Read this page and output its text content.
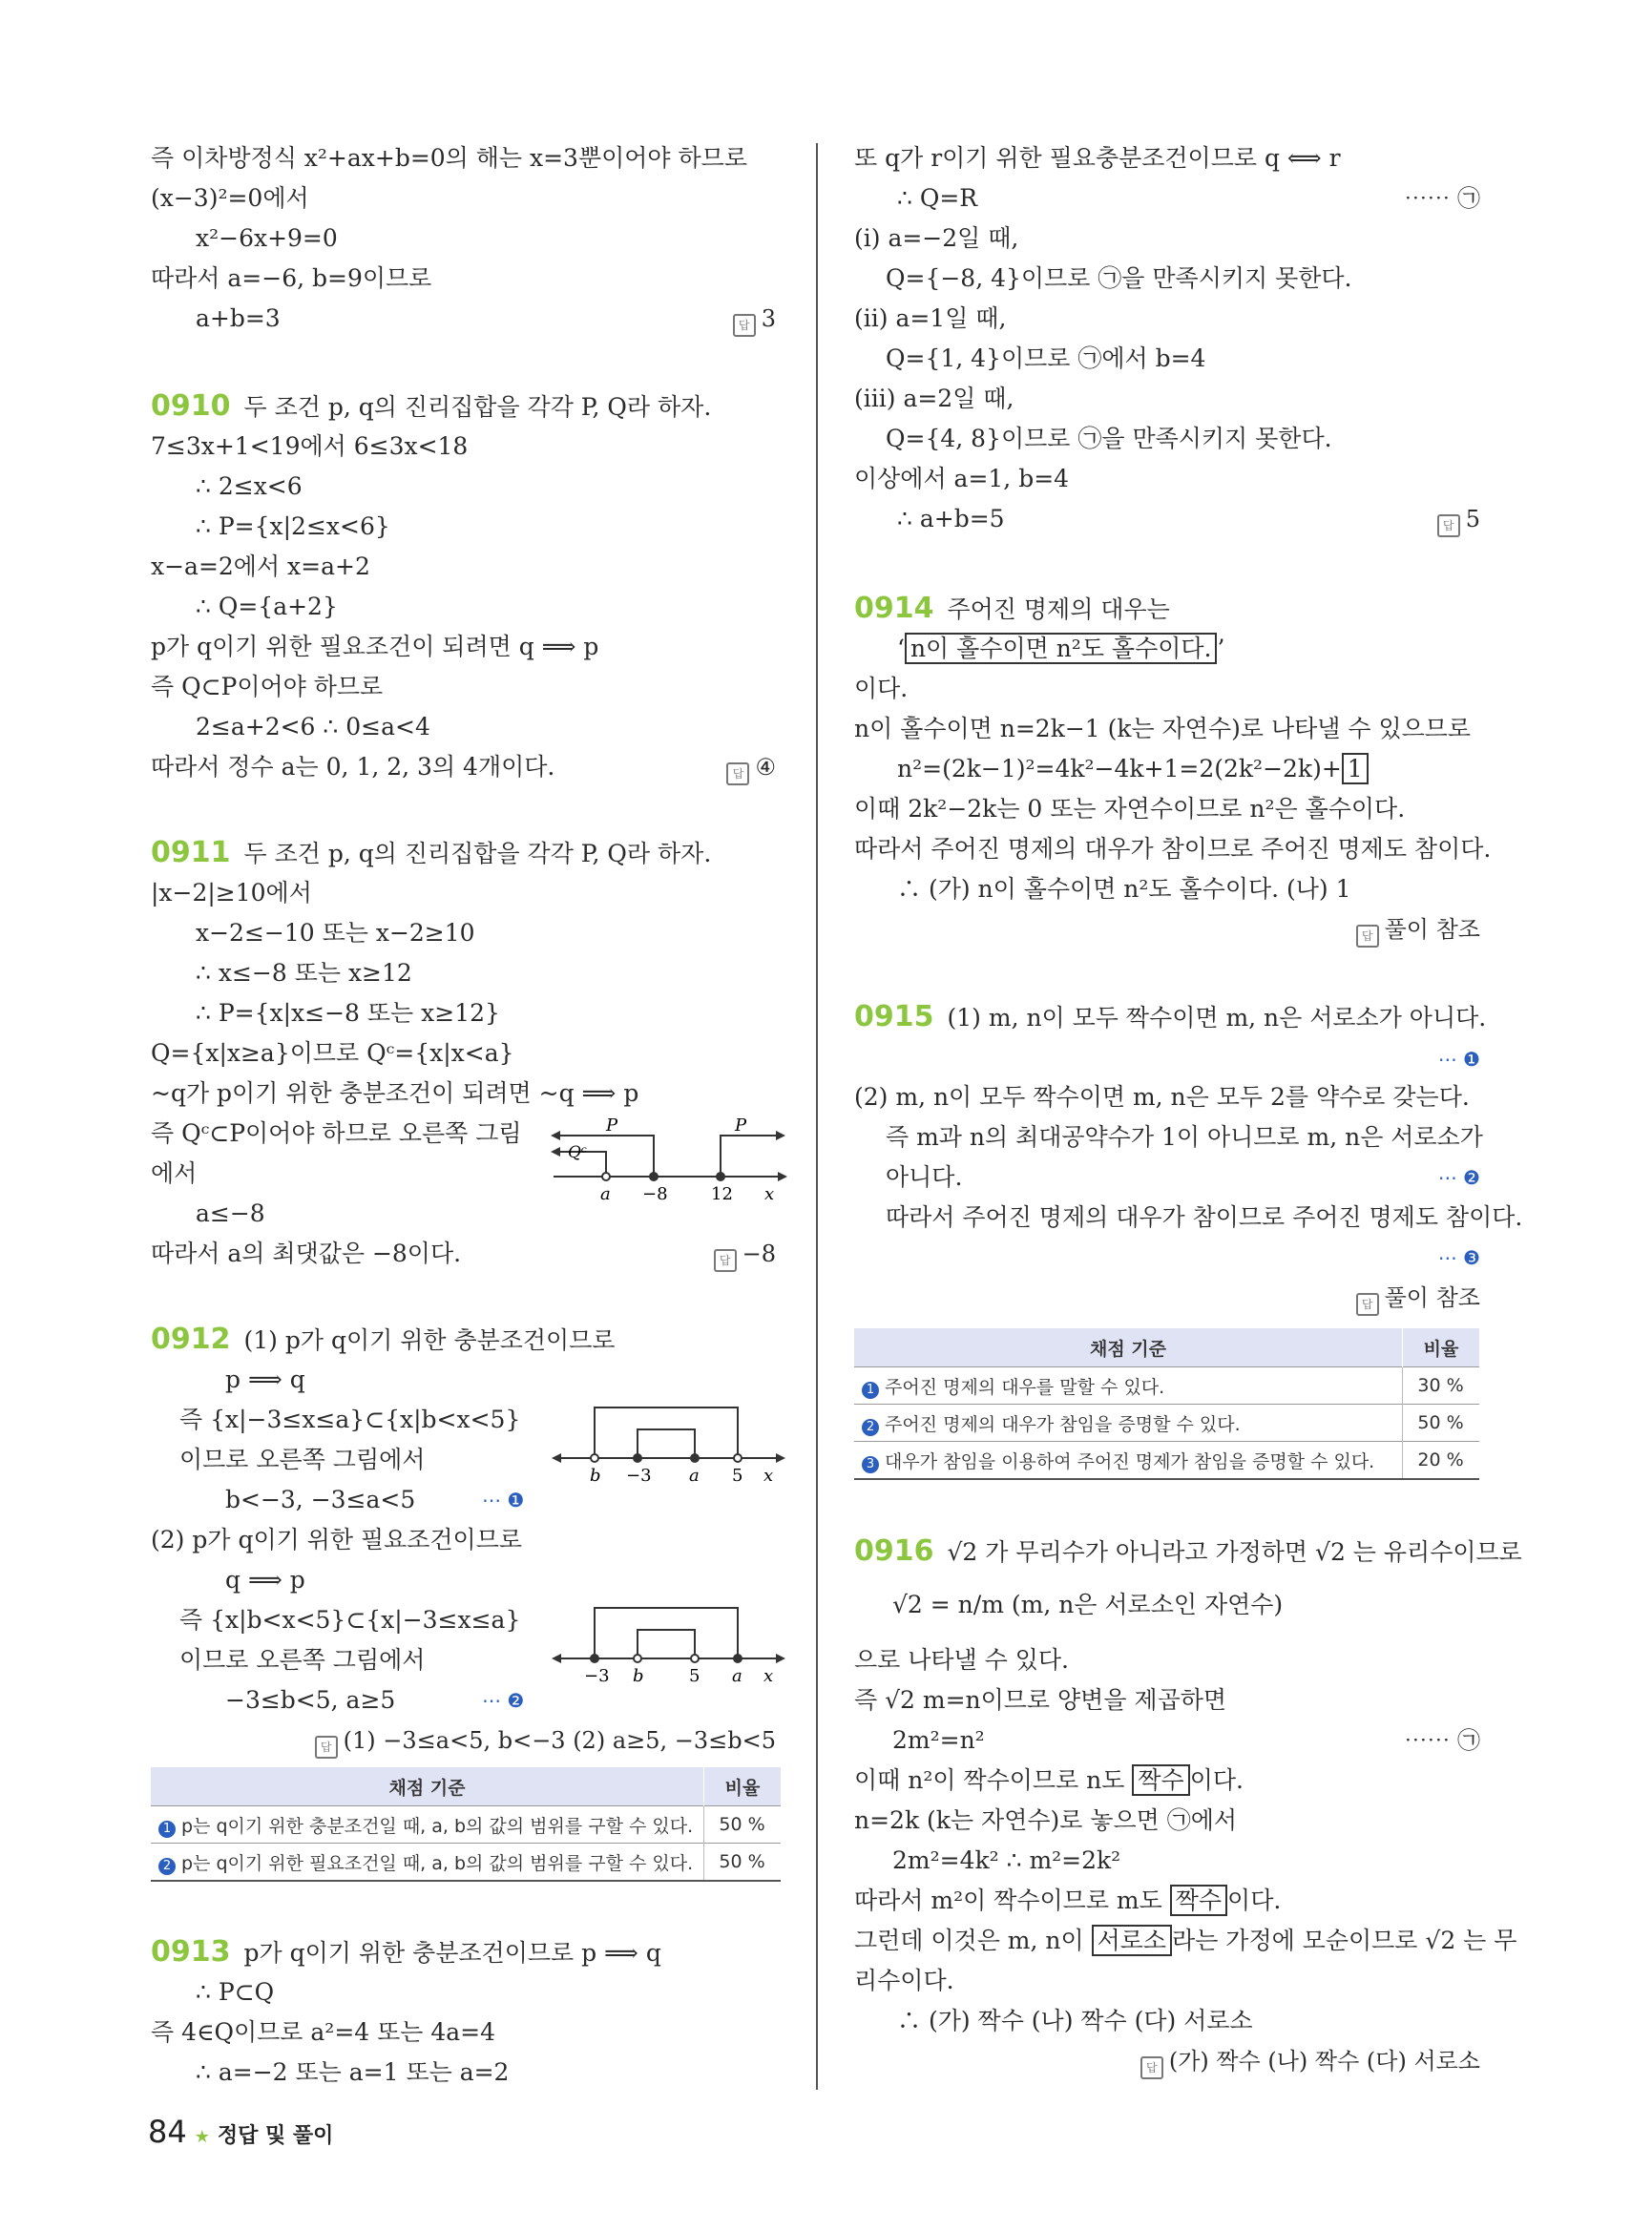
즉 이차방정식 x²+ax+b=0의 해는 x=3뿐이어야 하므로
(x−3)²=0에서
x²−6x+9=0
따라서 a=−6, b=9이므로
a+b=3	답 3
0910 두 조건 p, q의 진리집합을 각각 P, Q라 하자.
7≤3x+1<19에서 6≤3x<18
∴ 2≤x<6
∴ P={x|2≤x<6}
x−a=2에서 x=a+2
∴ Q={a+2}
p가 q이기 위한 필요조건이 되려면 q ⟹ p
즉 Q⊂P이어야 하므로
2≤a+2<6 ∴ 0≤a<4
따라서 정수 a는 0, 1, 2, 3의 4개이다.	답 ④
0911 두 조건 p, q의 진리집합을 각각 P, Q라 하자.
|x−2|≥10에서
x−2≤−10 또는 x−2≥10
∴ x≤−8 또는 x≥12
∴ P={x|x≤−8 또는 x≥12}
Q={x|x≥a}이므로 Qᶜ={x|x<a}
~q가 p이기 위한 충분조건이 되려면 ~q ⟹ p
즉 Qᶜ⊂P이어야 하므로 오른쪽 그림
에서
a≤−8
따라서 a의 최댓값은 −8이다.	답 −8
P
Qᶜ
P
a −8	12 x
0912 (1) p가 q이기 위한 충분조건이므로
p ⟹ q
즉 {x|−3≤x≤a}⊂{x|b<x<5}
이므로 오른쪽 그림에서
b<−3, −3≤a<5	⋯ ❶
(2) p가 q이기 위한 필요조건이므로
q ⟹ p
즉 {x|b<x<5}⊂{x|−3≤x≤a}
이므로 오른쪽 그림에서
−3≤b<5, a≥5	⋯ ❷
답 (1) −3≤a<5, b<−3 (2) a≥5, −3≤b<5
b −3 a 5 x
−3 b	5 a x
채점 기준	비율
1 p는 q이기 위한 충분조건일 때, a, b의 값의 범위를 구할 수 있다.	50 %
2 p는 q이기 위한 필요조건일 때, a, b의 값의 범위를 구할 수 있다.	50 %
0913 p가 q이기 위한 충분조건이므로 p ⟹ q
∴ P⊂Q
즉 4∈Q이므로 a²=4 또는 4a=4
∴ a=−2 또는 a=1 또는 a=2
또 q가 r이기 위한 필요충분조건이므로 q ⟺ r
∴ Q=R	⋯⋯ ㉠
(ⅰ) a=−2일 때,
Q={−8, 4}이므로 ㉠을 만족시키지 못한다.
(ⅱ) a=1일 때,
Q={1, 4}이므로 ㉠에서 b=4
(ⅲ) a=2일 때,
Q={4, 8}이므로 ㉠을 만족시키지 못한다.
이상에서 a=1, b=4
∴ a+b=5	답 5
0914 주어진 명제의 대우는
‘ n이 홀수이면 n²도 홀수이다. ’
이다.
n이 홀수이면 n=2k−1 (k는 자연수)로 나타낼 수 있으므로
n²=(2k−1)²=4k²−4k+1=2(2k²−2k)+ 1
이때 2k²−2k는 0 또는 자연수이므로 n²은 홀수이다.
따라서 주어진 명제의 대우가 참이므로 주어진 명제도 참이다.
∴ (가) n이 홀수이면 n²도 홀수이다. (나) 1
답 풀이 참조
0915 (1) m, n이 모두 짝수이면 m, n은 서로소가 아니다.
⋯ ❶
(2) m, n이 모두 짝수이면 m, n은 모두 2를 약수로 갖는다.
즉 m과 n의 최대공약수가 1이 아니므로 m, n은 서로소가
아니다.	⋯ ❷
따라서 주어진 명제의 대우가 참이므로 주어진 명제도 참이다.
⋯ ❸
답 풀이 참조
채점 기준	비율
1 주어진 명제의 대우를 말할 수 있다.	30 %
2 주어진 명제의 대우가 참임을 증명할 수 있다.	50 %
3 대우가 참임을 이용하여 주어진 명제가 참임을 증명할 수 있다.	20 %
0916 √2 가 무리수가 아니라고 가정하면 √2 는 유리수이므로
√2 = n/m (m, n은 서로소인 자연수)
으로 나타낼 수 있다.
즉 √2 m=n이므로 양변을 제곱하면
2m²=n²	⋯⋯ ㉠
이때 n²이 짝수이므로 n도 짝수 이다.
n=2k (k는 자연수)로 놓으면 ㉠에서
2m²=4k² ∴ m²=2k²
따라서 m²이 짝수이므로 m도 짝수 이다.
그런데 이것은 m, n이 서로소 라는 가정에 모순이므로 √2 는 무
리수이다.
∴ (가) 짝수 (나) 짝수 (다) 서로소
답 (가) 짝수 (나) 짝수 (다) 서로소
84 ★ 정답 및 풀이
